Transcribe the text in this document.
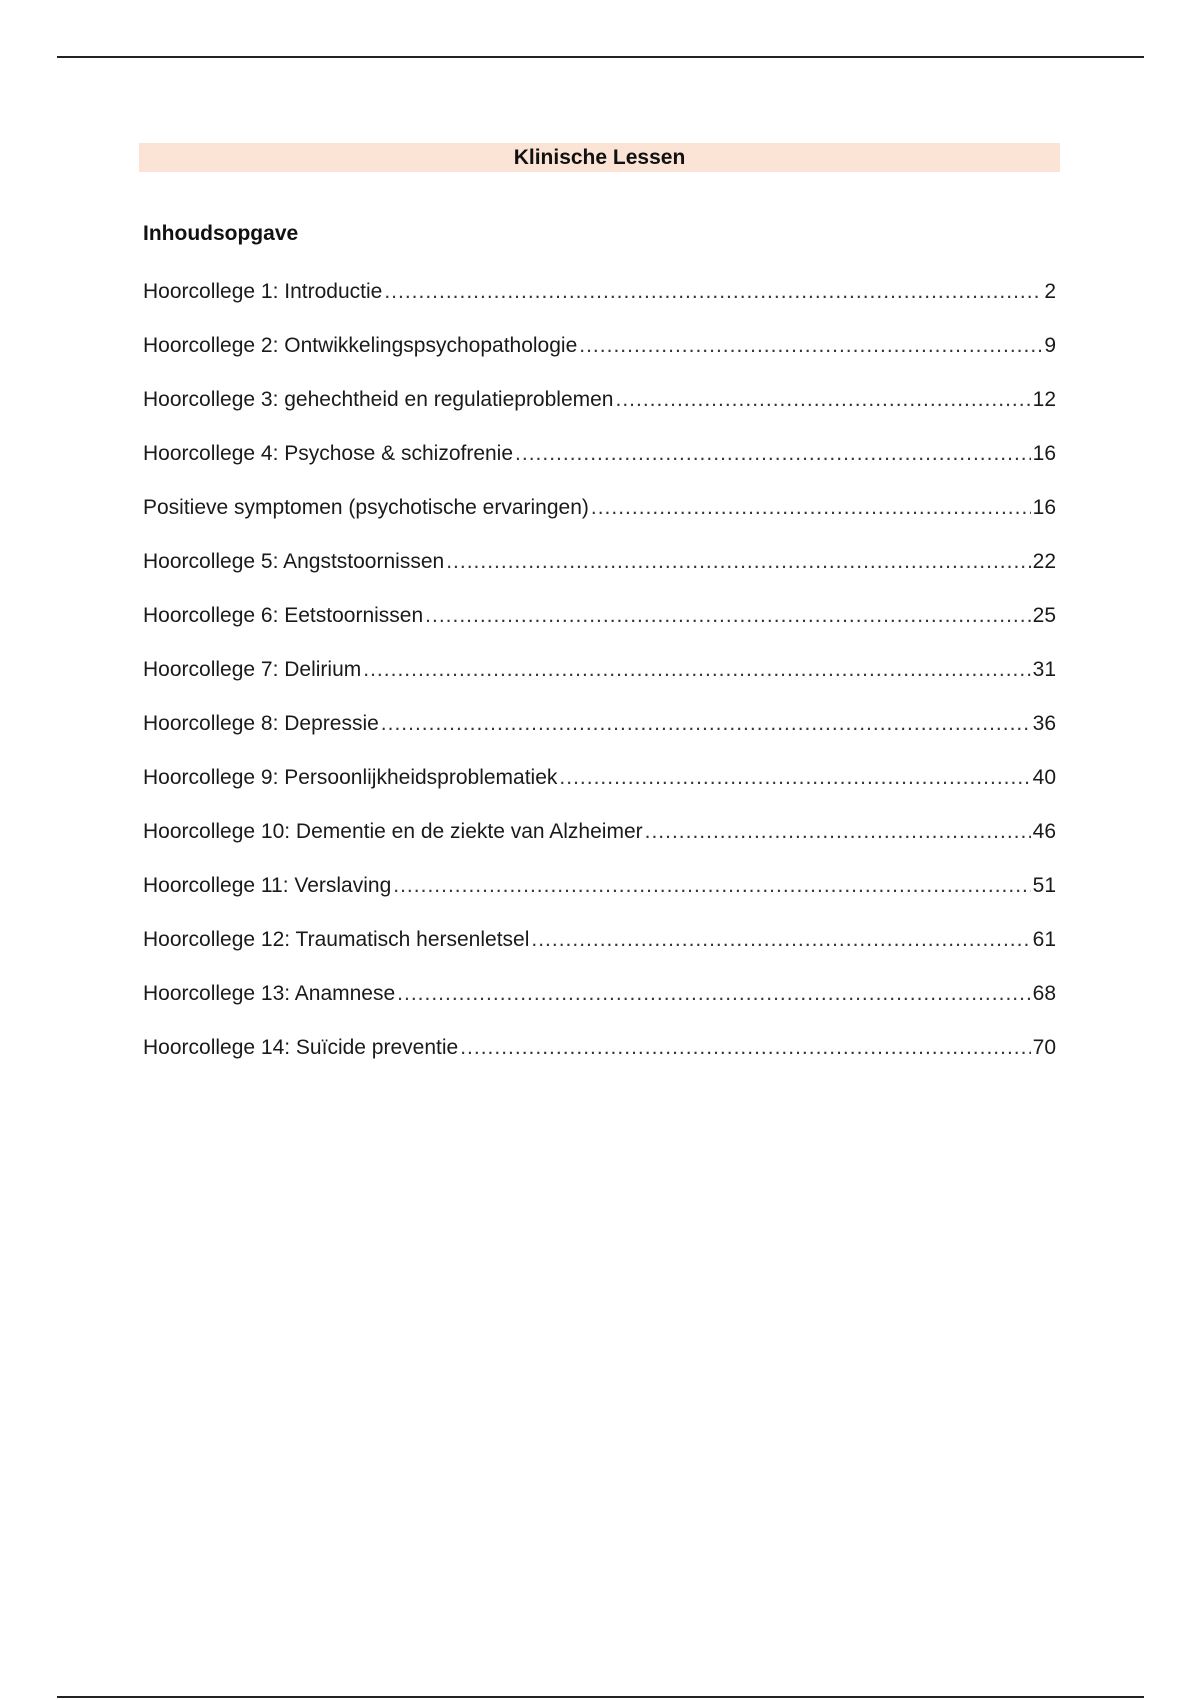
Klinische Lessen
Inhoudsopgave
Hoorcollege 1: Introductie .....	2
Hoorcollege 2: Ontwikkelingspsychopathologie .....	9
Hoorcollege 3: gehechtheid en regulatieproblemen .....	12
Hoorcollege 4: Psychose & schizofrenie .....	16
Positieve symptomen (psychotische ervaringen) .....	16
Hoorcollege 5: Angststoornissen .....	22
Hoorcollege 6: Eetstoornissen .....	25
Hoorcollege 7: Delirium .....	31
Hoorcollege 8: Depressie .....	36
Hoorcollege 9: Persoonlijkheidsproblematiek .....	40
Hoorcollege 10: Dementie en de ziekte van Alzheimer .....	46
Hoorcollege 11: Verslaving .....	51
Hoorcollege 12: Traumatisch hersenletsel .....	61
Hoorcollege 13: Anamnese .....	68
Hoorcollege 14: Suïcide preventie .....	70
